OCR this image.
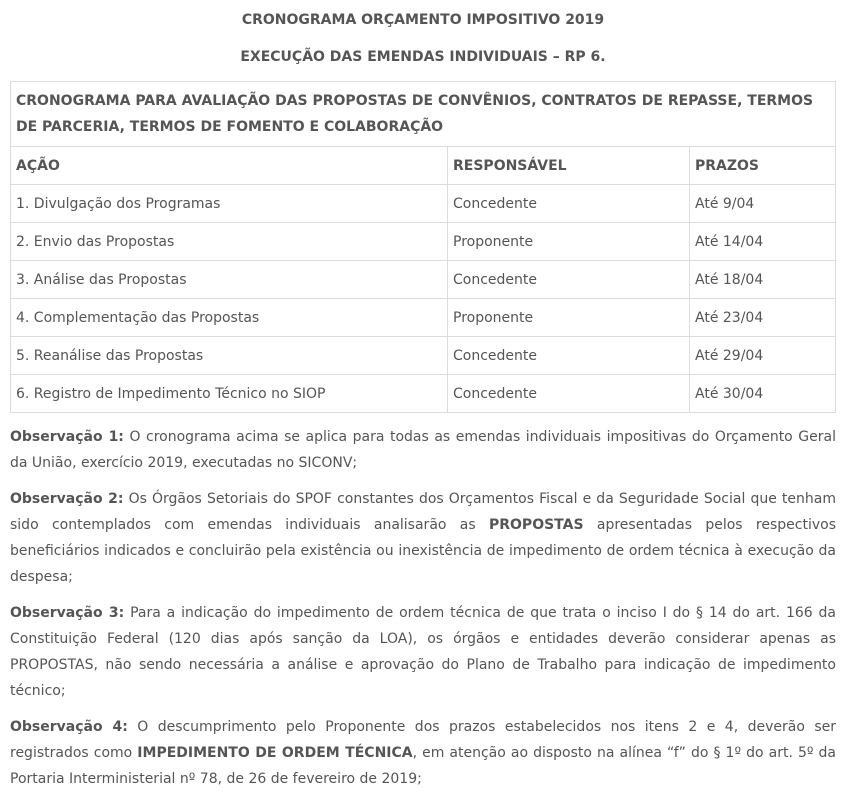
CRONOGRAMA ORÇAMENTO IMPOSITIVO 2019
EXECUÇÃO DAS EMENDAS INDIVIDUAIS – RP 6.
CRONOGRAMA PARA AVALIAÇÃO DAS PROPOSTAS DE CONVÊNIOS, CONTRATOS DE REPASSE, TERMOS DE PARCERIA, TERMOS DE FOMENTO E COLABORAÇÃO		
AÇÃO	RESPONSÁVEL	PRAZOS
1. Divulgação dos Programas	Concedente	Até 9/04
2. Envio das Propostas	Proponente	Até 14/04
3. Análise das Propostas	Concedente	Até 18/04
4. Complementação das Propostas	Proponente	Até 23/04
5. Reanálise das Propostas	Concedente	Até 29/04
6. Registro de Impedimento Técnico no SIOP	Concedente	Até 30/04

Observação 1: O cronograma acima se aplica para todas as emendas individuais impositivas do Orçamento Geral da União, exercício 2019, executadas no SICONV;

Observação 2: Os Órgãos Setoriais do SPOF constantes dos Orçamentos Fiscal e da Seguridade Social que tenham sido contemplados com emendas individuais analisarão as PROPOSTAS apresentadas pelos respectivos beneficiários indicados e concluirão pela existência ou inexistência de impedimento de ordem técnica à execução da despesa;

Observação 3: Para a indicação do impedimento de ordem técnica de que trata o inciso I do § 14 do art. 166 da Constituição Federal (120 dias após sanção da LOA), os órgãos e entidades deverão considerar apenas as PROPOSTAS, não sendo necessária a análise e aprovação do Plano de Trabalho para indicação de impedimento técnico;

Observação 4: O descumprimento pelo Proponente dos prazos estabelecidos nos itens 2 e 4, deverão ser registrados como IMPEDIMENTO DE ORDEM TÉCNICA, em atenção ao disposto na alínea “f” do § 1º do art. 5º da Portaria Interministerial nº 78, de 26 de fevereiro de 2019;
